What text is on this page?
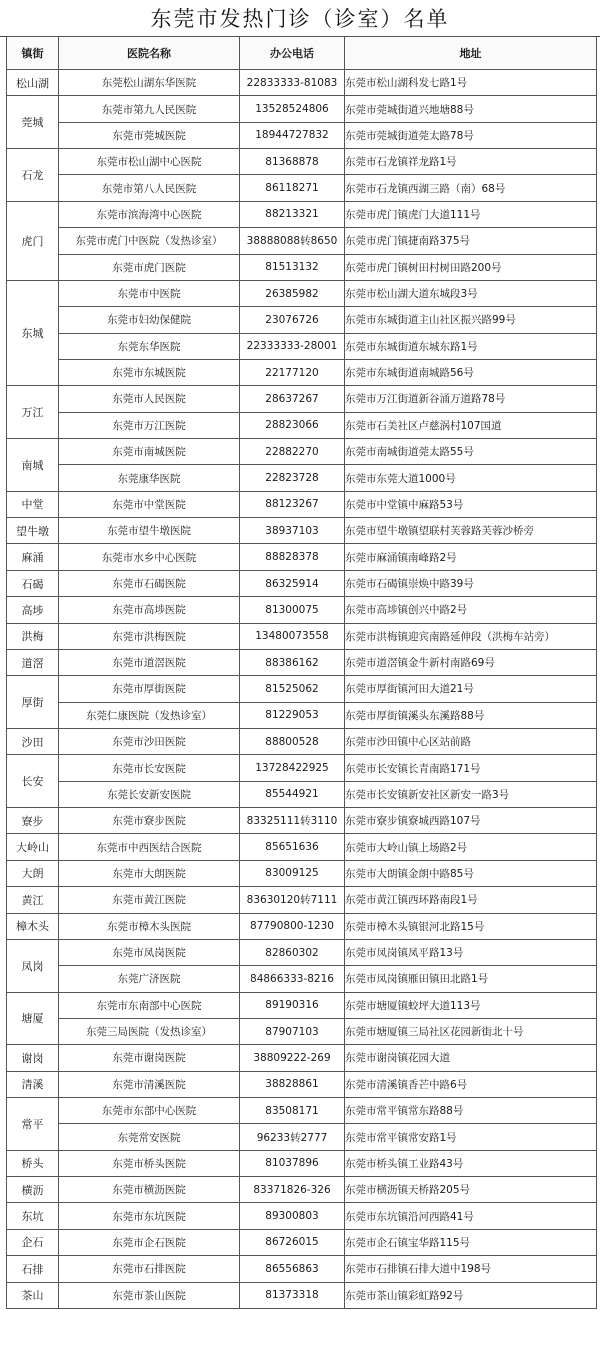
东莞市发热门诊（诊室）名单
镇街	医院名称	办公电话	地址
松山湖	东莞松山湖东华医院	22833333-81083	东莞市松山湖科发七路1号
莞城	东莞市第九人民医院	13528524806	东莞市莞城街道兴地塘88号
	东莞市莞城医院	18944727832	东莞市莞城街道莞太路78号
石龙	东莞市松山湖中心医院	81368878	东莞市石龙镇祥龙路1号
	东莞市第八人民医院	86118271	东莞市石龙镇西湖三路（南）68号
虎门	东莞市滨海湾中心医院	88213321	东莞市虎门镇虎门大道111号
	东莞市虎门中医院（发热诊室）	38888088转8650	东莞市虎门镇捷南路375号
	东莞市虎门医院	81513132	东莞市虎门镇树田村树田路200号
东城	东莞市中医院	26385982	东莞市松山湖大道东城段3号
	东莞市妇幼保健院	23076726	东莞市东城街道主山社区振兴路99号
	东莞东华医院	22333333-28001	东莞市东城街道东城东路1号
	东莞市东城医院	22177120	东莞市东城街道南城路56号
万江	东莞市人民医院	28637267	东莞市万江街道新谷涌万道路78号
	东莞市万江医院	28823066	东莞市石美社区卢慈涡村107国道
南城	东莞市南城医院	22882270	东莞市南城街道莞太路55号
	东莞康华医院	22823728	东莞市东莞大道1000号
中堂	东莞市中堂医院	88123267	东莞市中堂镇中麻路53号
望牛墩	东莞市望牛墩医院	38937103	东莞市望牛墩镇望联村芙蓉路芙蓉沙桥旁
麻涌	东莞市水乡中心医院	88828378	东莞市麻涌镇南峰路2号
石碣	东莞市石碣医院	86325914	东莞市石碣镇崇焕中路39号
高埗	东莞市高埗医院	81300075	东莞市高埗镇创兴中路2号
洪梅	东莞市洪梅医院	13480073558	东莞市洪梅镇迎宾南路延伸段（洪梅车站旁）
道滘	东莞市道滘医院	88386162	东莞市道滘镇金牛新村南路69号
厚街	东莞市厚街医院	81525062	东莞市厚街镇河田大道21号
	东莞仁康医院（发热诊室）	81229053	东莞市厚街镇溪头东溪路88号
沙田	东莞市沙田医院	88800528	东莞市沙田镇中心区站前路
长安	东莞市长安医院	13728422925	东莞市长安镇长青南路171号
	东莞长安新安医院	85544921	东莞市长安镇新安社区新安一路3号
寮步	东莞市寮步医院	83325111转3110	东莞市寮步镇寮城西路107号
大岭山	东莞市中西医结合医院	85651636	东莞市大岭山镇上场路2号
大朗	东莞市大朗医院	83009125	东莞市大朗镇金朗中路85号
黄江	东莞市黄江医院	83630120转7111	东莞市黄江镇西环路南段1号
樟木头	东莞市樟木头医院	87790800-1230	东莞市樟木头镇银河北路15号
凤岗	东莞市凤岗医院	82860302	东莞市凤岗镇凤平路13号
	东莞广济医院	84866333-8216	东莞市凤岗镇雁田镇田北路1号
塘厦	东莞市东南部中心医院	89190316	东莞市塘厦镇蛟坪大道113号
	东莞三局医院（发热诊室）	87907103	东莞市塘厦镇三局社区花园新街北十号
谢岗	东莞市谢岗医院	38809222-269	东莞市谢岗镇花园大道
清溪	东莞市清溪医院	38828861	东莞市清溪镇香芒中路6号
常平	东莞市东部中心医院	83508171	东莞市常平镇常东路88号
	东莞常安医院	96233转2777	东莞市常平镇常安路1号
桥头	东莞市桥头医院	81037896	东莞市桥头镇工业路43号
横沥	东莞市横沥医院	83371826-326	东莞市横沥镇天桥路205号
东坑	东莞市东坑医院	89300803	东莞市东坑镇沿河西路41号
企石	东莞市企石医院	86726015	东莞市企石镇宝华路115号
石排	东莞市石排医院	86556863	东莞市石排镇石排大道中198号
茶山	东莞市茶山医院	81373318	东莞市茶山镇彩虹路92号
